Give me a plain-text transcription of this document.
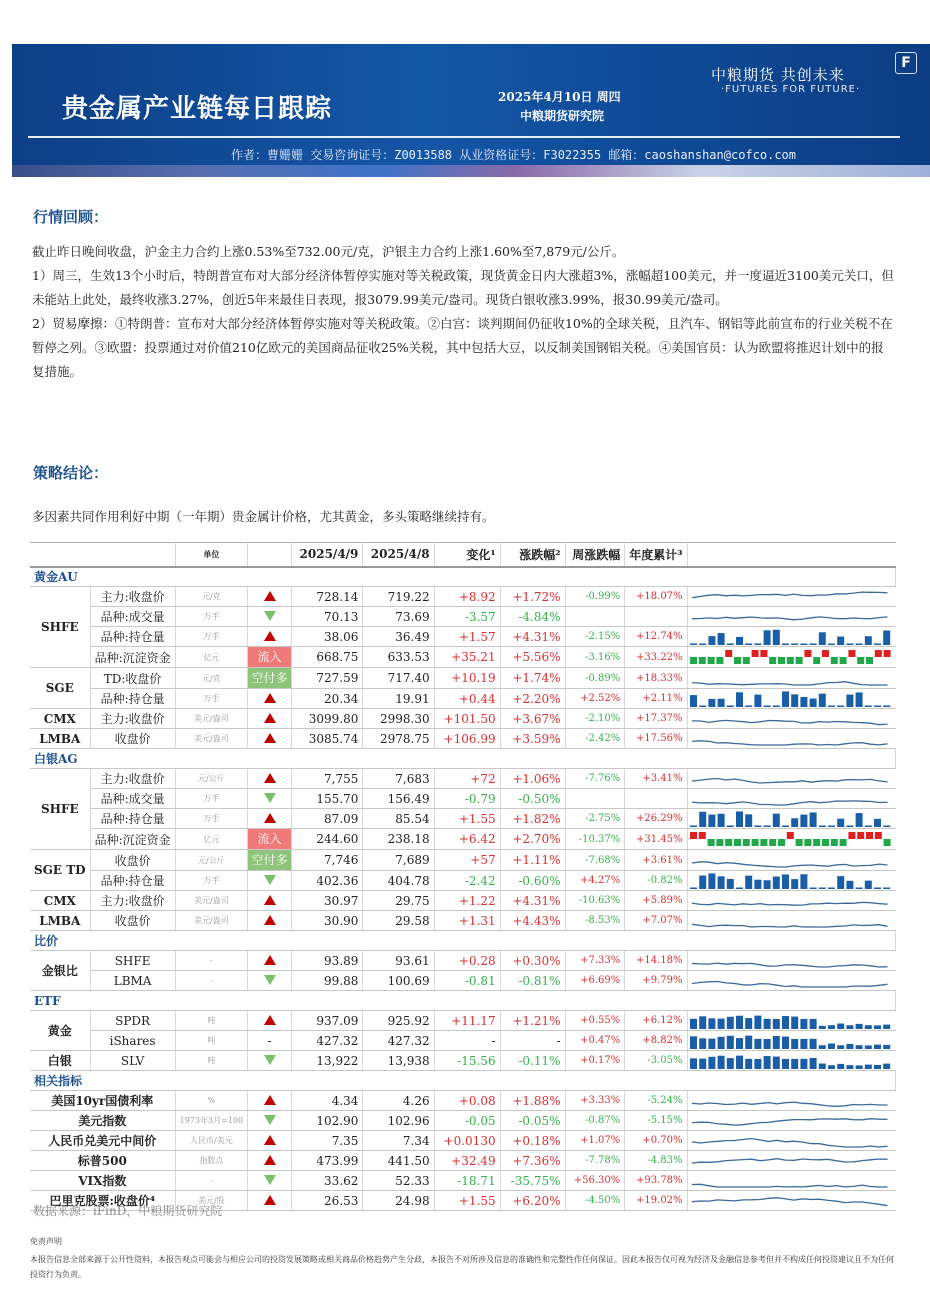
贵金属产业链每日跟踪	2025年4月10日 周四
中粮期货研究院
中粮期货 共创未来
·FUTURES FOR FUTURE·
F
作者：曹姗姗 交易咨询证号：Z0013588 从业资格证号：F3022355 邮箱：caoshanshan@cofco.com
行情回顾：

截止昨日晚间收盘，沪金主力合约上涨0.53%至732.00元/克，沪银主力合约上涨1.60%至7,879元/公斤。

1）周三，生效13个小时后，特朗普宣布对大部分经济体暂停实施对等关税政策，现货黄金日内大涨超3%，涨幅超100美元，并一度逼近3100美元关口，但未能站上此处，最终收涨3.27%，创近5年来最佳日表现，报3079.99美元/盎司。现货白银收涨3.99%，报30.99美元/盎司。

2）贸易摩擦：①特朗普：宣布对大部分经济体暂停实施对等关税政策。②白宫：谈判期间仍征收10%的全球关税，且汽车、钢铝等此前宣布的行业关税不在暂停之列。③欧盟：投票通过对价值210亿欧元的美国商品征收25%关税，其中包括大豆，以反制美国钢铝关税。④美国官员：认为欧盟将推迟计划中的报复措施。

策略结论：
多因素共同作用利好中期（一年期）贵金属计价格，尤其黄金，多头策略继续持有。
		单位		2025/4/9	2025/4/8	变化¹	涨跌幅²	周涨跌幅	年度累计³	
黄金AU										
SHFE	主力:收盘价	元/克		728.14	719.22	+8.92	+1.72%	-0.99%	+18.07%	

	品种:成交量	万手		70.13	73.69	-3.57	-4.84%			

	品种:持仓量	万手		38.06	36.49	+1.57	+4.31%	-2.15%	+12.74%	

	品种:沉淀资金	亿元	流入	668.75	633.53	+35.21	+5.56%	-3.16%	+33.22%	

SGE	TD:收盘价	元/克	空付多	727.59	717.40	+10.19	+1.74%	-0.89%	+18.33%	

	品种:持仓量	万手		20.34	19.91	+0.44	+2.20%	+2.52%	+2.11%	

CMX	主力:收盘价	美元/盎司		3099.80	2998.30	+101.50	+3.67%	-2.10%	+17.37%	

LMBA	收盘价	美元/盎司		3085.74	2978.75	+106.99	+3.59%	-2.42%	+17.56%	

白银AG										
SHFE	主力:收盘价	元/公斤		7,755	7,683	+72	+1.06%	-7.76%	+3.41%	

	品种:成交量	万手		155.70	156.49	-0.79	-0.50%			

	品种:持仓量	万手		87.09	85.54	+1.55	+1.82%	-2.75%	+26.29%	

	品种:沉淀资金	亿元	流入	244.60	238.18	+6.42	+2.70%	-10.37%	+31.45%	

SGE TD	收盘价	元/公斤	空付多	7,746	7,689	+57	+1.11%	-7.68%	+3.61%	

	品种:持仓量	万手		402.36	404.78	-2.42	-0.60%	+4.27%	-0.82%	

CMX	主力:收盘价	美元/盎司		30.97	29.75	+1.22	+4.31%	-10.63%	+5.89%	

LMBA	收盘价	美元/盎司		30.90	29.58	+1.31	+4.43%	-8.53%	+7.07%	

比价										
金银比	SHFE	-		93.89	93.61	+0.28	+0.30%	+7.33%	+14.18%	

	LBMA	-		99.88	100.69	-0.81	-0.81%	+6.69%	+9.79%	

ETF										
黄金	SPDR	吨		937.09	925.92	+11.17	+1.21%	+0.55%	+6.12%	

	iShares	吨	-	427.32	427.32	-	-	+0.47%	+8.82%	

白银	SLV	吨		13,922	13,938	-15.56	-0.11%	+0.17%	-3.05%	

相关指标										
美国10yr国债利率		%		4.34	4.26	+0.08	+1.88%	+3.33%	-5.24%	

美元指数		1973年3月=100		102.90	102.96	-0.05	-0.05%	-0.87%	-5.15%	

人民币兑美元中间价		人民币/美元		7.35	7.34	+0.0130	+0.18%	+1.07%	+0.70%	

标普500		指数点		473.99	441.50	+32.49	+7.36%	-7.78%	-4.83%	

VIX指数		-		33.62	52.33	-18.71	-35.75%	+56.30%	+93.78%	

巴里克股票:收盘价⁴		美元/股		26.53	24.98	+1.55	+6.20%	-4.50%	+19.02%	
数据来源：iFinD，中粮期货研究院
免责声明
本报告信息全部来源于公开性资料，本报告观点可能会与相应公司的投资发展策略或相关商品价格趋势产生分歧，本报告不对所涉及信息的准确性和完整性作任何保证。因此本报告仅可视为经济及金融信息参考但并不构成任何投资建议且不为任何投资行为负责。
